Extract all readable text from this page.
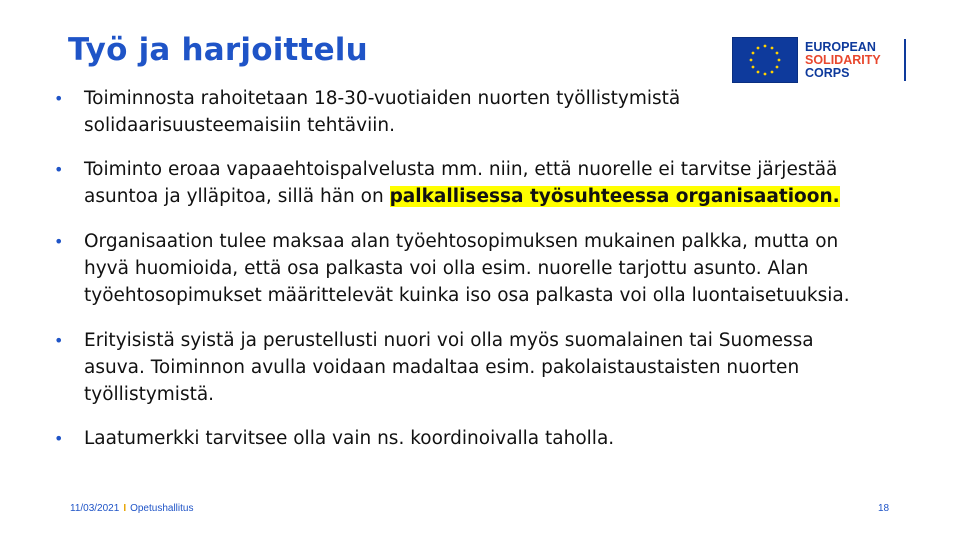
Työ ja harjoittelu	EUROPEAN
SOLIDARITY
CORPS
• Toiminnosta rahoitetaan 18-30-vuotiaiden nuorten työllistymistä solidaarisuusteemaisiin tehtäviin.
• Toiminto eroaa vapaaehtoispalvelusta mm. niin, että nuorelle ei tarvitse järjestää asuntoa ja ylläpitoa, sillä hän on palkallisessa työsuhteessa organisaatioon.
• Organisaation tulee maksaa alan työehtosopimuksen mukainen palkka, mutta on hyvä huomioida, että osa palkasta voi olla esim. nuorelle tarjottu asunto. Alan työehtosopimukset määrittelevät kuinka iso osa palkasta voi olla luontaisetuuksia.
• Erityisistä syistä ja perustellusti nuori voi olla myös suomalainen tai Suomessa asuva. Toiminnon avulla voidaan madaltaa esim. pakolaistaustaisten nuorten työllistymistä.
• Laatumerkki tarvitsee olla vain ns. koordinoivalla taholla.
11/03/2021 I Opetushallitus	18
